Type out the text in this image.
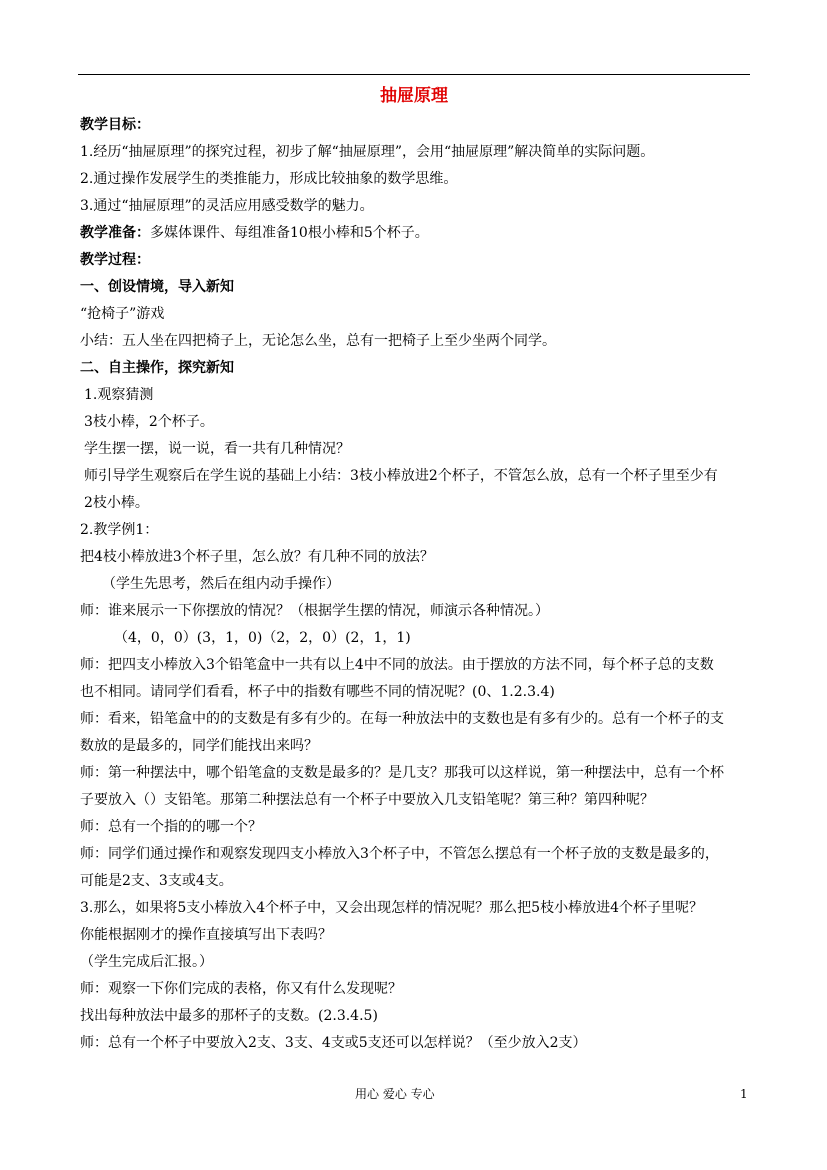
抽屉原理
教学目标：
1.经历“抽屉原理”的探究过程，初步了解“抽屉原理”，会用“抽屉原理”解决简单的实际问题。
2.通过操作发展学生的类推能力，形成比较抽象的数学思维。
3.通过“抽屉原理”的灵活应用感受数学的魅力。
教学准备：多媒体课件、每组准备10根小棒和5个杯子。
教学过程：
一、创设情境，导入新知
“抢椅子”游戏
小结：五人坐在四把椅子上，无论怎么坐，总有一把椅子上至少坐两个同学。
二、自主操作，探究新知
1.观察猜测
3枝小棒，2个杯子。
学生摆一摆，说一说，看一共有几种情况？
师引导学生观察后在学生说的基础上小结：3枝小棒放进2个杯子，不管怎么放，总有一个杯子里至少有
2枝小棒。
2.教学例1：
把4枝小棒放进3个杯子里，怎么放？有几种不同的放法？
（学生先思考，然后在组内动手操作）
师：谁来展示一下你摆放的情况？（根据学生摆的情况，师演示各种情况。）
（4，0，0）(3，1，0)（2，2，0）(2，1，1)
师：把四支小棒放入3个铅笔盒中一共有以上4中不同的放法。由于摆放的方法不同，每个杯子总的支数
也不相同。请同学们看看，杯子中的指数有哪些不同的情况呢？(0、1.2.3.4)
师：看来，铅笔盒中的的支数是有多有少的。在每一种放法中的支数也是有多有少的。总有一个杯子的支
数放的是最多的，同学们能找出来吗？
师：第一种摆法中，哪个铅笔盒的支数是最多的？是几支？那我可以这样说，第一种摆法中，总有一个杯
子要放入（）支铅笔。那第二种摆法总有一个杯子中要放入几支铅笔呢？第三种？第四种呢？
师：总有一个指的的哪一个？
师：同学们通过操作和观察发现四支小棒放入3个杯子中，不管怎么摆总有一个杯子放的支数是最多的，
可能是2支、3支或4支。
3.那么，如果将5支小棒放入4个杯子中，又会出现怎样的情况呢？那么把5枝小棒放进4个杯子里呢？
你能根据刚才的操作直接填写出下表吗？
（学生完成后汇报。）
师：观察一下你们完成的表格，你又有什么发现呢？
找出每种放法中最多的那杯子的支数。(2.3.4.5)
师：总有一个杯子中要放入2支、3支、4支或5支还可以怎样说？（至少放入2支）
用心 爱心 专心	1
